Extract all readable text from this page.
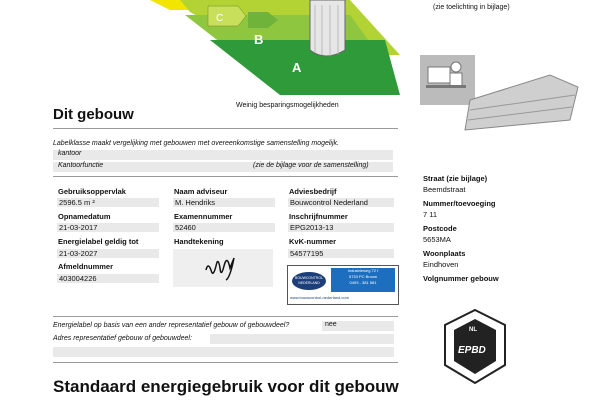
C
B
A
(zie toelichting in bijlage)
Weinig besparingsmogelijkheden
Dit gebouw
Labelklasse maakt vergelijking met gebouwen met overeenkomstige samenstelling mogelijk.
kantoor
Kantoorfunctie	(zie de bijlage voor de samenstelling)
Gebruiksoppervlak
2596.5 m ²
Opnamedatum
21-03-2017
Energielabel geldig tot
21-03-2027
Afmeldnummer
403004226
Naam adviseur
M. Hendriks
Examennummer
52460
Handtekening
Adviesbedrijf
Bouwcontrol Nederland
Inschrijfnummer
EPG2013-13
KvK-nummer
54577195
BOUWCONTROL
NEDERLAND
Industrieweg 72 f
5733 PC Brouw
0493 - 381 581
www.bouwcontrol-nederland.com
Straat (zie bijlage)
Beemdstraat
Nummer/toevoeging
7 11
Postcode
5653MA
Woonplaats
Eindhoven
Volgnummer gebouw
Energielabel op basis van een ander representatief gebouw of gebouwdeel?	nee
Adres representatief gebouw of gebouwdeel:
NL
EPBD
Standaard energiegebruik voor dit gebouw
